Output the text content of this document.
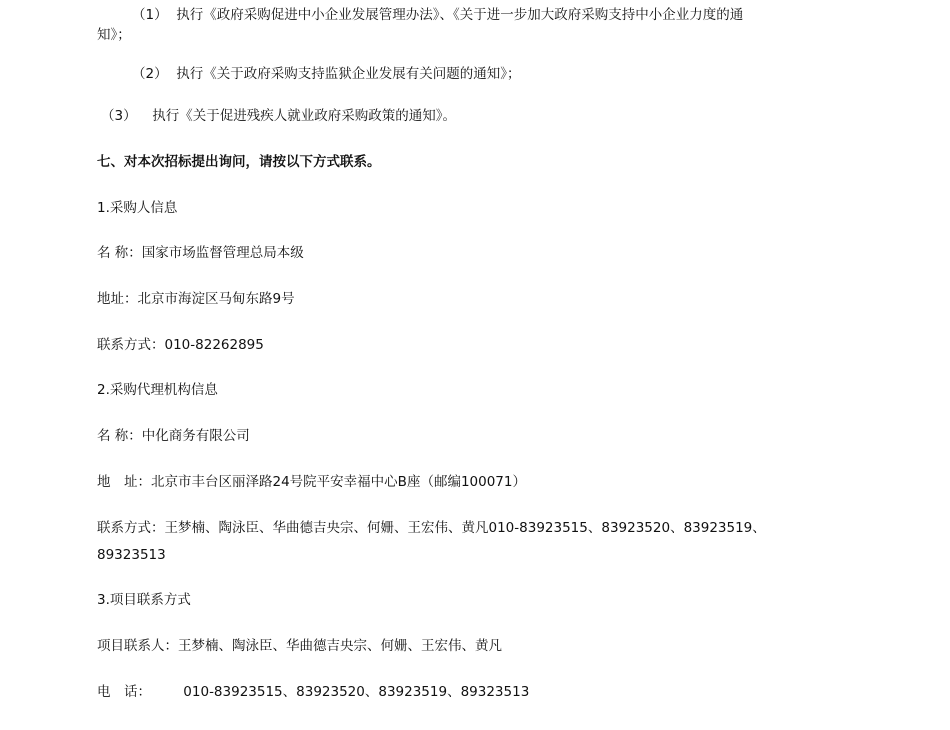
（1） 执行《政府采购促进中小企业发展管理办法》、《关于进一步加大政府采购支持中小企业力度的通
知》；
（2） 执行《关于政府采购支持监狱企业发展有关问题的通知》；
（3） 执行《关于促进残疾人就业政府采购政策的通知》。
七、对本次招标提出询问，请按以下方式联系。
1.采购人信息
名 称：国家市场监督管理总局本级
地址：北京市海淀区马甸东路9号
联系方式：010-82262895
2.采购代理机构信息
名 称：中化商务有限公司
地　址：北京市丰台区丽泽路24号院平安幸福中心B座（邮编100071）
联系方式：王梦楠、陶泳臣、华曲德吉央宗、何姗、王宏伟、黄凡010-83923515、83923520、83923519、
89323513
3.项目联系方式
项目联系人：王梦楠、陶泳臣、华曲德吉央宗、何姗、王宏伟、黄凡
电　话： 010-83923515、83923520、83923519、89323513
